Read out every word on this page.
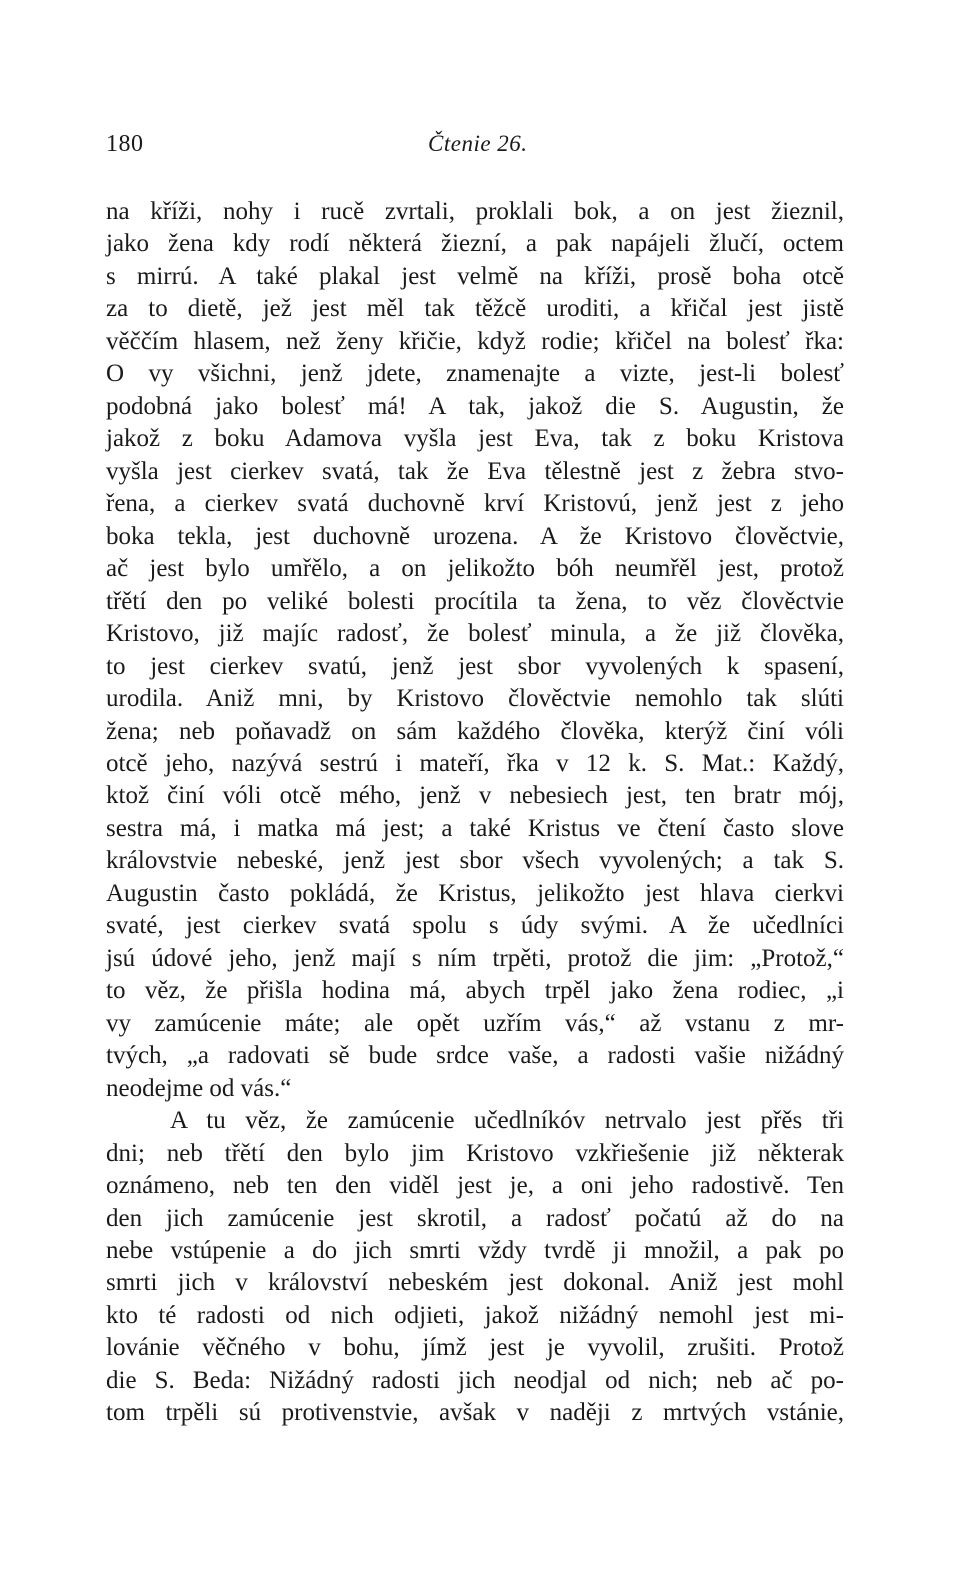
180	Čtenie 26.
na kříži, nohy i rucě zvrtali, proklali bok, a on jest žieznil,
jako žena kdy rodí některá žiezní, a pak napájeli žlučí, octem
s mirrú. A také plakal jest velmě na kříži, prosě boha otcě
za to dietě, jež jest měl tak těžcě uroditi, a křičal jest jistě
věččím hlasem, než ženy křičie, když rodie; křičel na bolesť řka:
O vy všichni, jenž jdete, znamenajte a vizte, jest-li bolesť
podobná jako bolesť má! A tak, jakož die S. Augustin, že
jakož z boku Adamova vyšla jest Eva, tak z boku Kristova
vyšla jest cierkev svatá, tak že Eva tělestně jest z žebra stvo-
řena, a cierkev svatá duchovně krví Kristovú, jenž jest z jeho
boka tekla, jest duchovně urozena. A že Kristovo člověctvie,
ač jest bylo umřělo, a on jelikožto bóh neumřěl jest, protož
třětí den po veliké bolesti procítila ta žena, to věz člověctvie
Kristovo, již majíc radosť, že bolesť minula, a že již člověka,
to jest cierkev svatú, jenž jest sbor vyvolených k spasení,
urodila. Aniž mni, by Kristovo člověctvie nemohlo tak slúti
žena; neb poňavadž on sám každého člověka, kterýž činí vóli
otcě jeho, nazývá sestrú i mateří, řka v 12 k. S. Mat.: Každý,
ktož činí vóli otcě mého, jenž v nebesiech jest, ten bratr mój,
sestra má, i matka má jest; a také Kristus ve čtení často slove
královstvie nebeské, jenž jest sbor všech vyvolených; a tak S.
Augustin často pokládá, že Kristus, jelikožto jest hlava cierkvi
svaté, jest cierkev svatá spolu s údy svými. A že učedlníci
jsú údové jeho, jenž mají s ním trpěti, protož die jim: „Protož,“
to věz, že přišla hodina má, abych trpěl jako žena rodiec, „i
vy zamúcenie máte; ale opět uzřím vás,“ až vstanu z mr-
tvých, „a radovati sě bude srdce vaše, a radosti vašie nižádný
neodejme od vás.“
A tu věz, že zamúcenie učedlníkóv netrvalo jest přěs tři
dni; neb třětí den bylo jim Kristovo vzkřiešenie již některak
oznámeno, neb ten den viděl jest je, a oni jeho radostivě. Ten
den jich zamúcenie jest skrotil, a radosť počatú až do na
nebe vstúpenie a do jich smrti vždy tvrdě ji množil, a pak po
smrti jich v království nebeském jest dokonal. Aniž jest mohl
kto té radosti od nich odjieti, jakož nižádný nemohl jest mi-
lovánie věčného v bohu, jímž jest je vyvolil, zrušiti. Protož
die S. Beda: Nižádný radosti jich neodjal od nich; neb ač po-
tom trpěli sú protivenstvie, avšak v naději z mrtvých vstánie,
